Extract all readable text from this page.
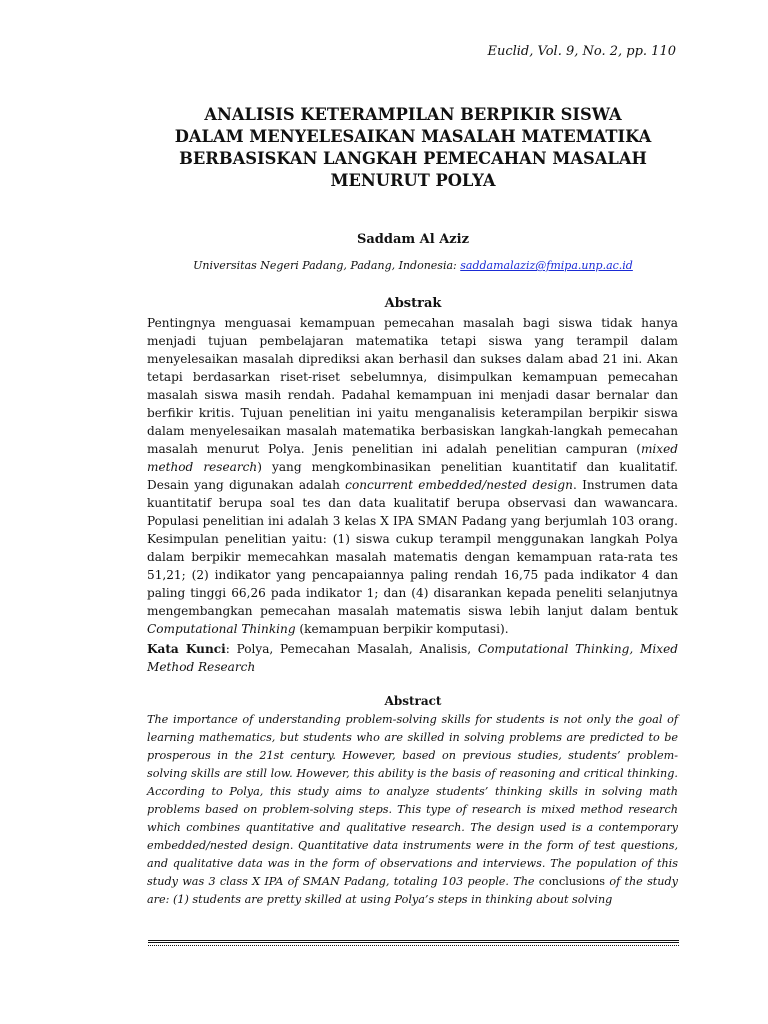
Euclid, Vol. 9, No. 2, pp. 110

ANALISIS KETERAMPILAN BERPIKIR SISWA
DALAM MENYELESAIKAN MASALAH MATEMATIKA
BERBASISKAN LANGKAH PEMECAHAN MASALAH
MENURUT POLYA

Saddam Al Aziz

Universitas Negeri Padang, Padang, Indonesia: saddamalaziz@fmipa.unp.ac.id

Abstrak

Pentingnya menguasai kemampuan pemecahan masalah bagi siswa tidak hanya menjadi tujuan pembelajaran matematika tetapi siswa yang terampil dalam menyelesaikan masalah diprediksi akan berhasil dan sukses dalam abad 21 ini. Akan tetapi berdasarkan riset-riset sebelumnya, disimpulkan kemampuan pemecahan masalah siswa masih rendah. Padahal kemampuan ini menjadi dasar bernalar dan berfikir kritis. Tujuan penelitian ini yaitu menganalisis keterampilan berpikir siswa dalam menyelesaikan masalah matematika berbasiskan langkah-langkah pemecahan masalah menurut Polya. Jenis penelitian ini adalah penelitian campuran (mixed method research) yang mengkombinasikan penelitian kuantitatif dan kualitatif. Desain yang digunakan adalah concurrent embedded/nested design. Instrumen data kuantitatif berupa soal tes dan data kualitatif berupa observasi dan wawancara. Populasi penelitian ini adalah 3 kelas X IPA SMAN Padang yang berjumlah 103 orang. Kesimpulan penelitian yaitu: (1) siswa cukup terampil menggunakan langkah Polya dalam berpikir memecahkan masalah matematis dengan kemampuan rata-rata tes 51,21; (2) indikator yang pencapaiannya paling rendah 16,75 pada indikator 4 dan paling tinggi 66,26 pada indikator 1; dan (4) disarankan kepada peneliti selanjutnya mengembangkan pemecahan masalah matematis siswa lebih lanjut dalam bentuk Computational Thinking (kemampuan berpikir komputasi).

Kata Kunci: Polya, Pemecahan Masalah, Analisis, Computational Thinking, Mixed Method Research

Abstract

The importance of understanding problem-solving skills for students is not only the goal of learning mathematics, but students who are skilled in solving problems are predicted to be prosperous in the 21st century. However, based on previous studies, students’ problem-solving skills are still low. However, this ability is the basis of reasoning and critical thinking. According to Polya, this study aims to analyze students’ thinking skills in solving math problems based on problem-solving steps. This type of research is mixed method research which combines quantitative and qualitative research. The design used is a contemporary embedded/nested design. Quantitative data instruments were in the form of test questions, and qualitative data was in the form of observations and interviews. The population of this study was 3 class X IPA of SMAN Padang, totaling 103 people. The conclusions of the study are: (1) students are pretty skilled at using Polya’s steps in thinking about solving
